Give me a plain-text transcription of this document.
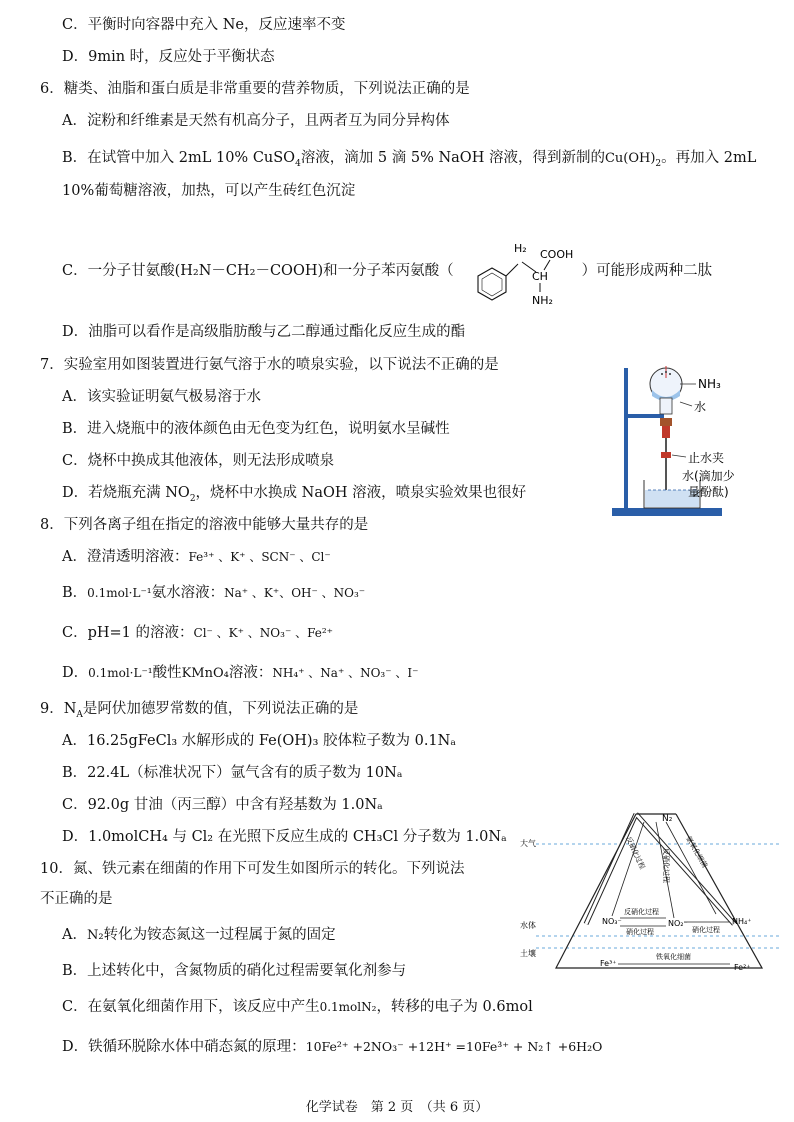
C．平衡时向容器中充入 Ne，反应速率不变
D．9min 时，反应处于平衡状态
6．糖类、油脂和蛋白质是非常重要的营养物质，下列说法正确的是
A．淀粉和纤维素是天然有机高分子，且两者互为同分异构体
B．在试管中加入 2mL 10% CuSO$_4$溶液，滴加 5 滴 5% NaOH 溶液，得到新制的$Cu(OH)_2$。再加入 2mL
10%葡萄糖溶液，加热，可以产生砖红色沉淀
C．一分子甘氨酸(H₂N－CH₂－COOH)和一分子苯丙氨酸（	）可能形成两种二肽
H₂
CH
COOH
NH₂
D．油脂可以看作是高级脂肪酸与乙二醇通过酯化反应生成的酯
7．实验室用如图装置进行氨气溶于水的喷泉实验，以下说法不正确的是
A．该实验证明氨气极易溶于水
B．进入烧瓶中的液体颜色由无色变为红色，说明氨水呈碱性
C．烧杯中换成其他液体，则无法形成喷泉
D．若烧瓶充满 $NO_2$，烧杯中水换成 NaOH 溶液，喷泉实验效果也很好
NH₃
水
止水夹
水(滴加少
量酚酞)
8．下列各离子组在指定的溶液中能够大量共存的是
A．澄清透明溶液：Fe³⁺ 、K⁺ 、SCN⁻ 、Cl⁻
B．0.1mol·L⁻¹氨水溶液：Na⁺ 、K⁺、OH⁻ 、NO₃⁻
C．pH=1 的溶液：Cl⁻ 、K⁺ 、NO₃⁻ 、Fe²⁺
D．0.1mol·L⁻¹酸性KMnO₄溶液：NH₄⁺ 、Na⁺ 、NO₃⁻ 、I⁻
9．$N_A$是阿伏加德罗常数的值，下列说法正确的是
A．16.25gFeCl₃ 水解形成的 Fe(OH)₃ 胶体粒子数为 0.1Nₐ
B．22.4L（标准状况下）氩气含有的质子数为 10Nₐ
C．92.0g 甘油（丙三醇）中含有羟基数为 1.0Nₐ
D．1.0molCH₄ 与 Cl₂ 在光照下反应生成的 CH₃Cl 分子数为 1.0Nₐ
10．氮、铁元素在细菌的作用下可发生如图所示的转化。下列说法
不正确的是
A．N₂转化为铵态氮这一过程属于氮的固定
B．上述转化中，含氮物质的硝化过程需要氧化剂参与
C．在氨氧化细菌作用下，该反应中产生0.1molN₂，转移的电子为 0.6mol
D．铁循环脱除水体中硝态氮的原理：10Fe²⁺ +2NO₃⁻ +12H⁺ =10Fe³⁺ + N₂↑ +6H₂O
大气
水体
土壤
N₂
NO₃⁻	NO₂⁻	NH₄⁺
反硝化过程
硝化过程	硝化过程
反硝化过程
反硝化过程	氨氧化细菌
Fe³⁺	Fe²⁺
铁氧化细菌
化学试卷　第 2 页　（共 6 页）
